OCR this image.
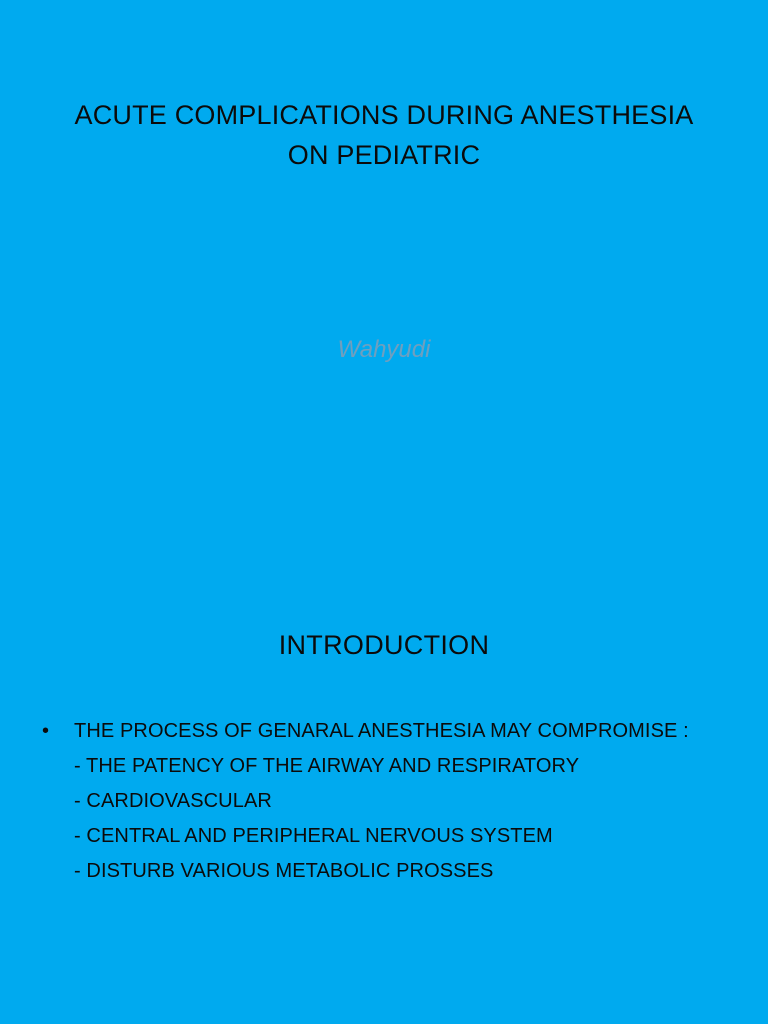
ACUTE COMPLICATIONS DURING ANESTHESIA
ON PEDIATRIC
Wahyudi
INTRODUCTION
•	THE PROCESS OF GENARAL ANESTHESIA MAY COMPROMISE :
- THE PATENCY OF THE AIRWAY AND RESPIRATORY
- CARDIOVASCULAR
- CENTRAL AND PERIPHERAL NERVOUS SYSTEM
- DISTURB VARIOUS METABOLIC PROSSES
